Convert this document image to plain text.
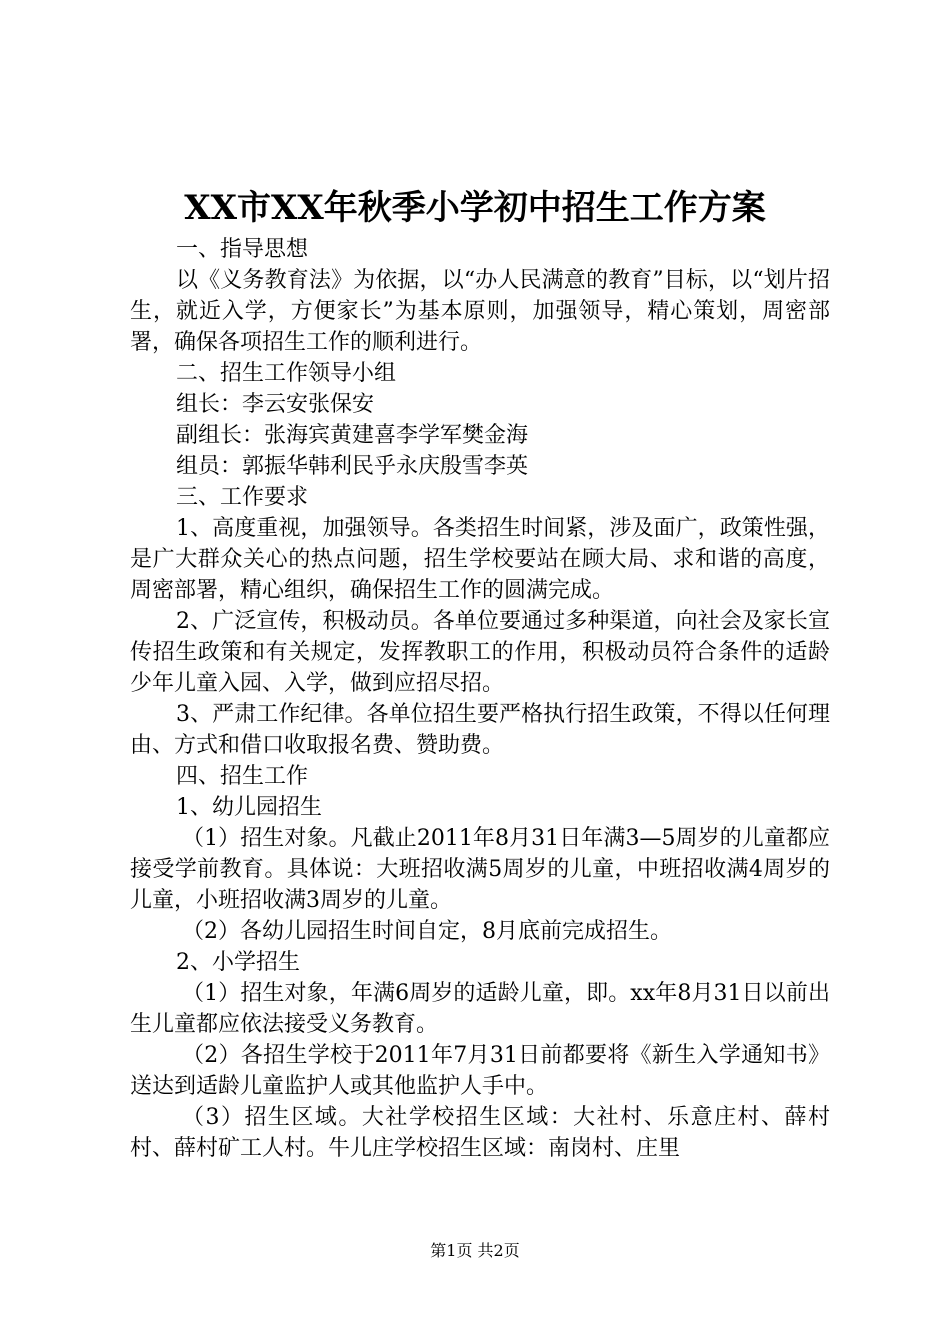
XX市XX年秋季小学初中招生工作方案

一、指导思想

以《义务教育法》为依据，以“办人民满意的教育”目标，以“划片招生，就近入学，方便家长”为基本原则，加强领导，精心策划，周密部署，确保各项招生工作的顺利进行。

二、招生工作领导小组

组长：李云安张保安

副组长：张海宾黄建喜李学军樊金海

组员：郭振华韩利民乎永庆殷雪李英

三、工作要求

1、高度重视，加强领导。各类招生时间紧，涉及面广，政策性强，是广大群众关心的热点问题，招生学校要站在顾大局、求和谐的高度，周密部署，精心组织，确保招生工作的圆满完成。

2、广泛宣传，积极动员。各单位要通过多种渠道，向社会及家长宣传招生政策和有关规定，发挥教职工的作用，积极动员符合条件的适龄少年儿童入园、入学，做到应招尽招。

3、严肃工作纪律。各单位招生要严格执行招生政策，不得以任何理由、方式和借口收取报名费、赞助费。

四、招生工作

1、幼儿园招生

（1）招生对象。凡截止2011年8月31日年满3—5周岁的儿童都应接受学前教育。具体说：大班招收满5周岁的儿童，中班招收满4周岁的儿童，小班招收满3周岁的儿童。

（2）各幼儿园招生时间自定，8月底前完成招生。

2、小学招生

（1）招生对象，年满6周岁的适龄儿童，即。xx年8月31日以前出生儿童都应依法接受义务教育。

（2）各招生学校于2011年7月31日前都要将《新生入学通知书》送达到适龄儿童监护人或其他监护人手中。

（3）招生区域。大社学校招生区域：大社村、乐意庄村、薛村村、薛村矿工人村。牛儿庄学校招生区域：南岗村、庄里

第1页 共2页
